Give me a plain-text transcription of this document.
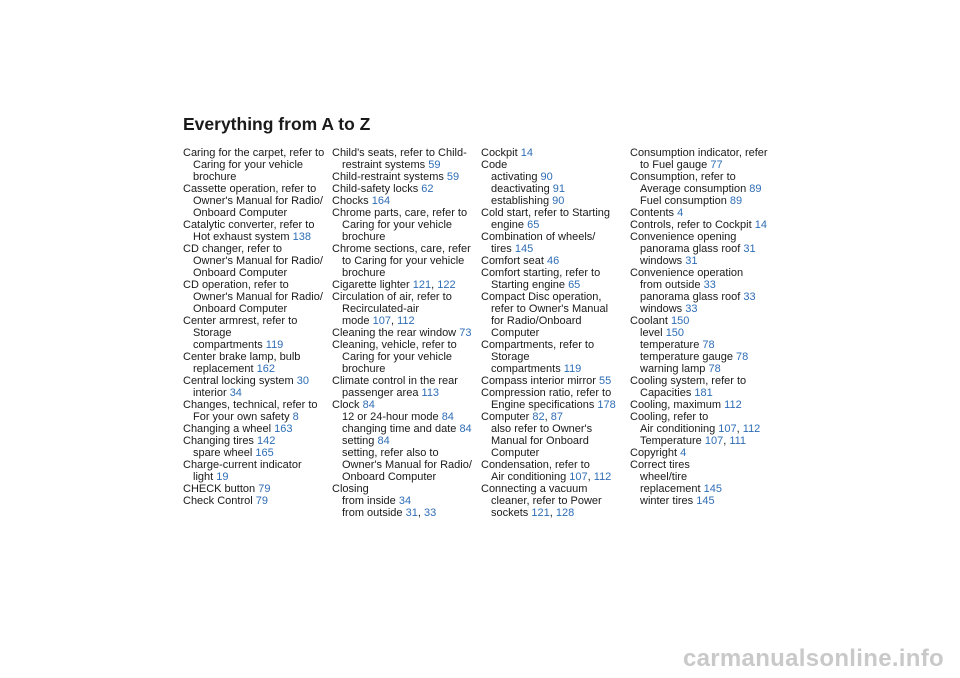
Everything from A to Z
Caring for the carpet, refer to
Caring for your vehicle
brochure
Cassette operation, refer to
Owner's Manual for Radio/
Onboard Computer
Catalytic converter, refer to
Hot exhaust system 138
CD changer, refer to
Owner's Manual for Radio/
Onboard Computer
CD operation, refer to
Owner's Manual for Radio/
Onboard Computer
Center armrest, refer to
Storage
compartments 119
Center brake lamp, bulb
replacement 162
Central locking system 30
interior 34
Changes, technical, refer to
For your own safety 8
Changing a wheel 163
Changing tires 142
spare wheel 165
Charge-current indicator
light 19
CHECK button 79
Check Control 79
Child's seats, refer to Child-
restraint systems 59
Child-restraint systems 59
Child-safety locks 62
Chocks 164
Chrome parts, care, refer to
Caring for your vehicle
brochure
Chrome sections, care, refer
to Caring for your vehicle
brochure
Cigarette lighter 121, 122
Circulation of air, refer to
Recirculated-air
mode 107, 112
Cleaning the rear window 73
Cleaning, vehicle, refer to
Caring for your vehicle
brochure
Climate control in the rear
passenger area 113
Clock 84
12 or 24-hour mode 84
changing time and date 84
setting 84
setting, refer also to
Owner's Manual for Radio/
Onboard Computer
Closing
from inside 34
from outside 31, 33
Cockpit 14
Code
activating 90
deactivating 91
establishing 90
Cold start, refer to Starting
engine 65
Combination of wheels/
tires 145
Comfort seat 46
Comfort starting, refer to
Starting engine 65
Compact Disc operation,
refer to Owner's Manual
for Radio/Onboard
Computer
Compartments, refer to
Storage
compartments 119
Compass interior mirror 55
Compression ratio, refer to
Engine specifications 178
Computer 82, 87
also refer to Owner's
Manual for Onboard
Computer
Condensation, refer to
Air conditioning 107, 112
Connecting a vacuum
cleaner, refer to Power
sockets 121, 128
Consumption indicator, refer
to Fuel gauge 77
Consumption, refer to
Average consumption 89
Fuel consumption 89
Contents 4
Controls, refer to Cockpit 14
Convenience opening
panorama glass roof 31
windows 31
Convenience operation
from outside 33
panorama glass roof 33
windows 33
Coolant 150
level 150
temperature 78
temperature gauge 78
warning lamp 78
Cooling system, refer to
Capacities 181
Cooling, maximum 112
Cooling, refer to
Air conditioning 107, 112
Temperature 107, 111
Copyright 4
Correct tires
wheel/tire
replacement 145
winter tires 145
carmanualsonline.info
